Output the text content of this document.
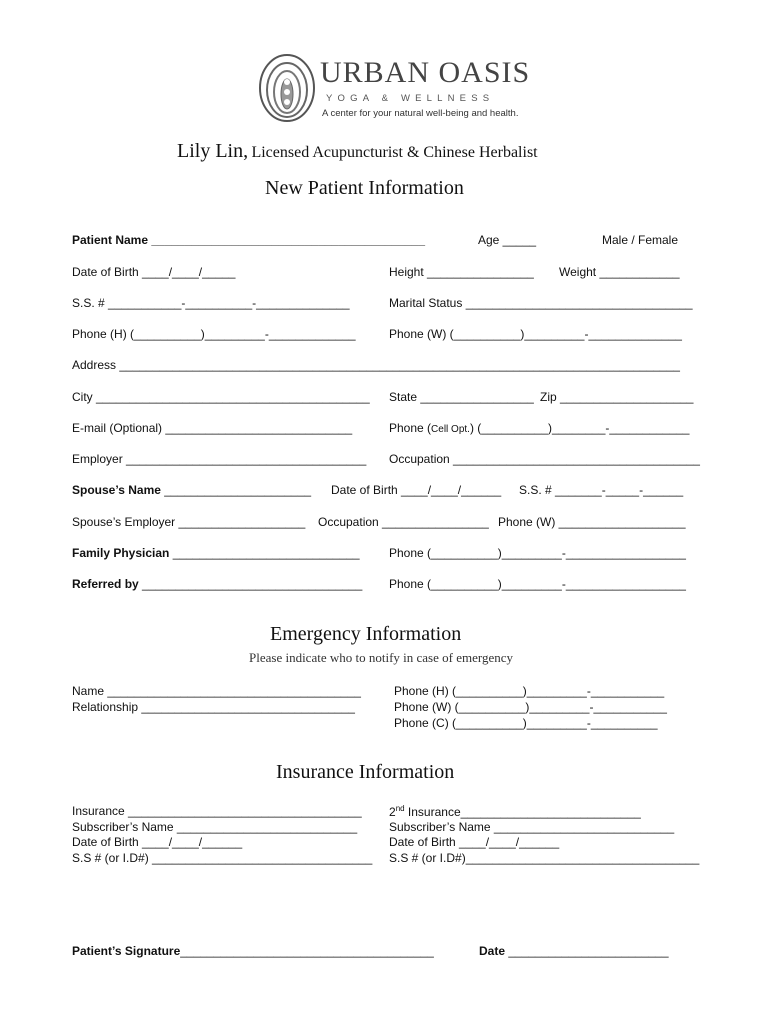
URBAN OASIS
YOGA & WELLNESS
A center for your natural well-being and health.
Lily Lin, Licensed Acupuncturist & Chinese Herbalist
New Patient Information
Patient Name _________________________________________	Age _____	Male / Female
Date of Birth ____/____/_____	Height ________________ Weight ____________
S.S. # ___________-__________-______________	Marital Status __________________________________
Phone (H) (__________)_________-_____________	Phone (W) (__________)_________-______________
Address ____________________________________________________________________________________
City _________________________________________ State _________________ Zip ____________________
E-mail (Optional) ____________________________	Phone (Cell Opt.) (__________)________-____________
Employer ____________________________________ Occupation _____________________________________
Spouse’s Name ______________________ Date of Birth ____/____/______ S.S. # _______-_____-______
Spouse’s Employer ___________________ Occupation ________________ Phone (W) ___________________
Family Physician ____________________________ Phone (__________)_________-__________________
Referred by _________________________________ Phone (__________)_________-__________________
Emergency Information
Please indicate who to notify in case of emergency
Name ______________________________________
Relationship ________________________________
Phone (H) (__________)_________-___________
Phone (W) (__________)_________-___________
Phone (C) (__________)_________-__________
Insurance Information
Insurance ___________________________________
Subscriber’s Name ___________________________
Date of Birth ____/____/______
S.S # (or I.D#) _________________________________
2nd Insurance___________________________
Subscriber’s Name ___________________________
Date of Birth ____/____/______
S.S # (or I.D#)___________________________________
Patient’s Signature______________________________________	Date ________________________
